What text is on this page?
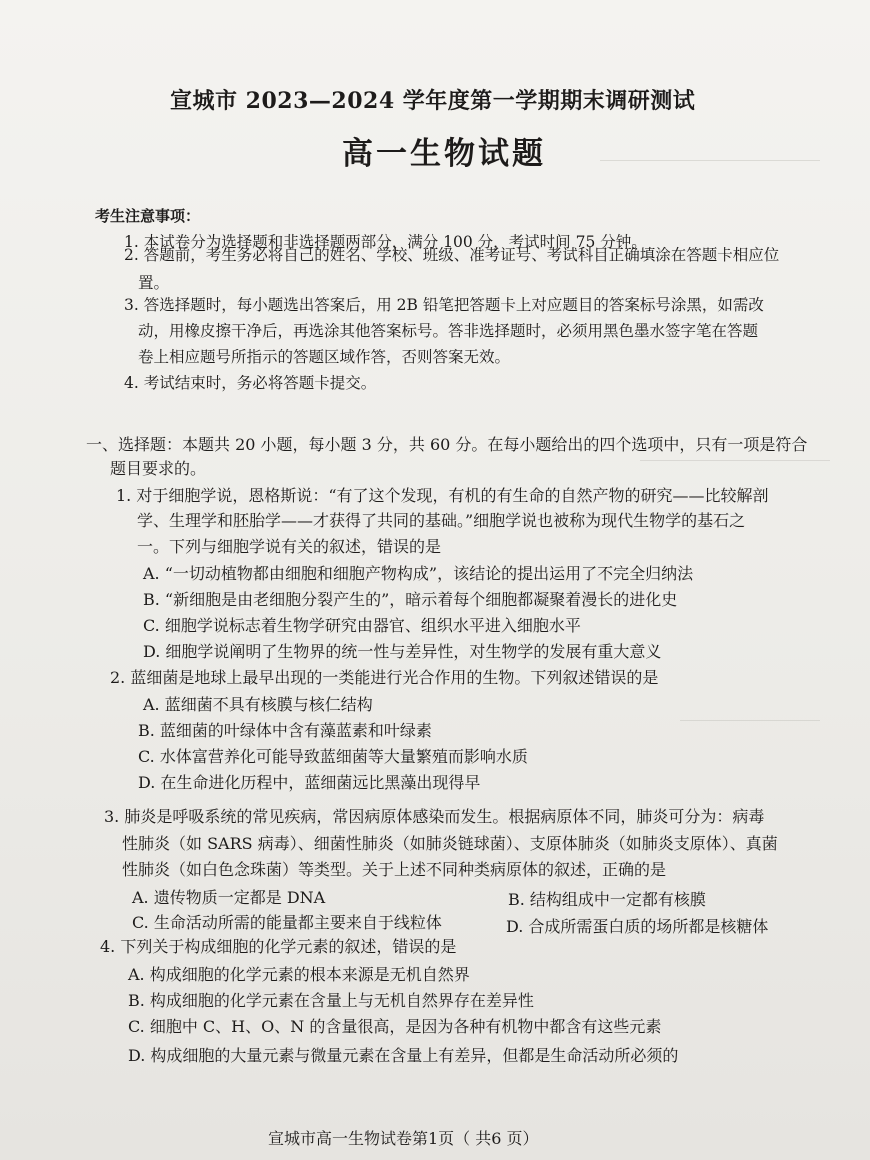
宣城市 2023—2024 学年度第一学期期末调研测试
高一生物试题
考生注意事项：
1. 本试卷分为选择题和非选择题两部分，满分 100 分，考试时间 75 分钟。
2. 答题前，考生务必将自己的姓名、学校、班级、准考证号、考试科目正确填涂在答题卡相应位
置。
3. 答选择题时，每小题选出答案后，用 2B 铅笔把答题卡上对应题目的答案标号涂黑，如需改
动，用橡皮擦干净后，再选涂其他答案标号。答非选择题时，必须用黑色墨水签字笔在答题
卷上相应题号所指示的答题区域作答，否则答案无效。
4. 考试结束时，务必将答题卡提交。
一、选择题：本题共 20 小题，每小题 3 分，共 60 分。在每小题给出的四个选项中，只有一项是符合
题目要求的。
1. 对于细胞学说，恩格斯说：“有了这个发现，有机的有生命的自然产物的研究——比较解剖
学、生理学和胚胎学——才获得了共同的基础。”细胞学说也被称为现代生物学的基石之
一。下列与细胞学说有关的叙述，错误的是
A. “一切动植物都由细胞和细胞产物构成”，该结论的提出运用了不完全归纳法
B. “新细胞是由老细胞分裂产生的”，暗示着每个细胞都凝聚着漫长的进化史
C. 细胞学说标志着生物学研究由器官、组织水平进入细胞水平
D. 细胞学说阐明了生物界的统一性与差异性，对生物学的发展有重大意义
2. 蓝细菌是地球上最早出现的一类能进行光合作用的生物。下列叙述错误的是
A. 蓝细菌不具有核膜与核仁结构
B. 蓝细菌的叶绿体中含有藻蓝素和叶绿素
C. 水体富营养化可能导致蓝细菌等大量繁殖而影响水质
D. 在生命进化历程中，蓝细菌远比黑藻出现得早
3. 肺炎是呼吸系统的常见疾病，常因病原体感染而发生。根据病原体不同，肺炎可分为：病毒
性肺炎（如 SARS 病毒）、细菌性肺炎（如肺炎链球菌）、支原体肺炎（如肺炎支原体）、真菌
性肺炎（如白色念珠菌）等类型。关于上述不同种类病原体的叙述，正确的是
A. 遗传物质一定都是 DNA	B. 结构组成中一定都有核膜
C. 生命活动所需的能量都主要来自于线粒体	D. 合成所需蛋白质的场所都是核糖体
4. 下列关于构成细胞的化学元素的叙述，错误的是
A. 构成细胞的化学元素的根本来源是无机自然界
B. 构成细胞的化学元素在含量上与无机自然界存在差异性
C. 细胞中 C、H、O、N 的含量很高，是因为各种有机物中都含有这些元素
D. 构成细胞的大量元素与微量元素在含量上有差异，但都是生命活动所必须的
宣城市高一生物试卷第1页（ 共6 页）
